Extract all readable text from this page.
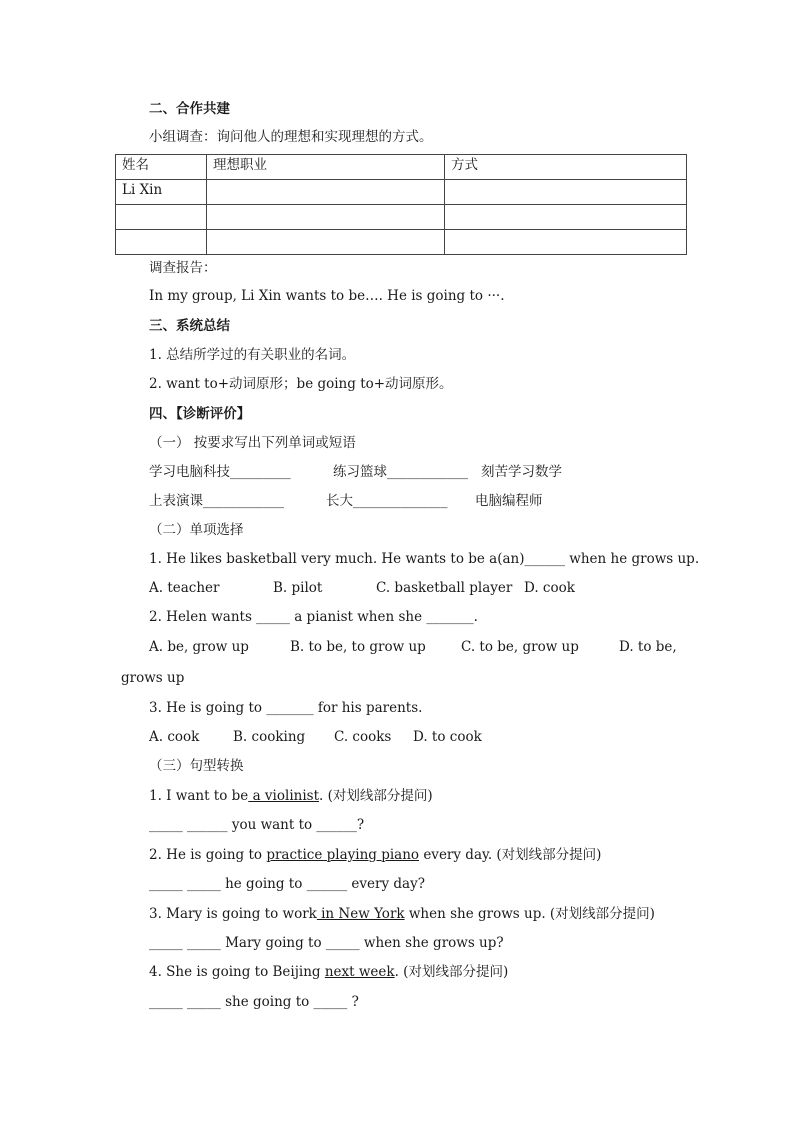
二、合作共建
小组调查：询问他人的理想和实现理想的方式。
姓名	理想职业	方式
Li Xin		

调查报告：
In my group, Li Xin wants to be…. He is going to ···.
三、系统总结
1. 总结所学过的有关职业的名词。
2. want to+动词原形；be going to+动词原形。
四、【诊断评价】
（一） 按要求写出下列单词或短语
学习电脑科技_________	练习篮球____________ 刻苦学习数学
上表演课____________	长大______________ 电脑编程师
（二）单项选择
1. He likes basketball very much. He wants to be a(an)______ when he grows up.
A. teacher	B. pilot	C. basketball player D. cook
2. Helen wants _____ a pianist when she _______.
A. be, grow up	B. to be, to grow up	C. to be, grow up	D. to be,
grows up
3. He is going to _______ for his parents.
A. cook B. cooking C. cooks D. to cook
（三）句型转换
1. I want to be a violinist. (对划线部分提问)
_____ ______ you want to ______?
2. He is going to practice playing piano every day. (对划线部分提问)
_____ _____ he going to ______ every day?
3. Mary is going to work in New York when she grows up. (对划线部分提问)
_____ _____ Mary going to _____ when she grows up?
4. She is going to Beijing next week. (对划线部分提问)
_____ _____ she going to _____ ?
